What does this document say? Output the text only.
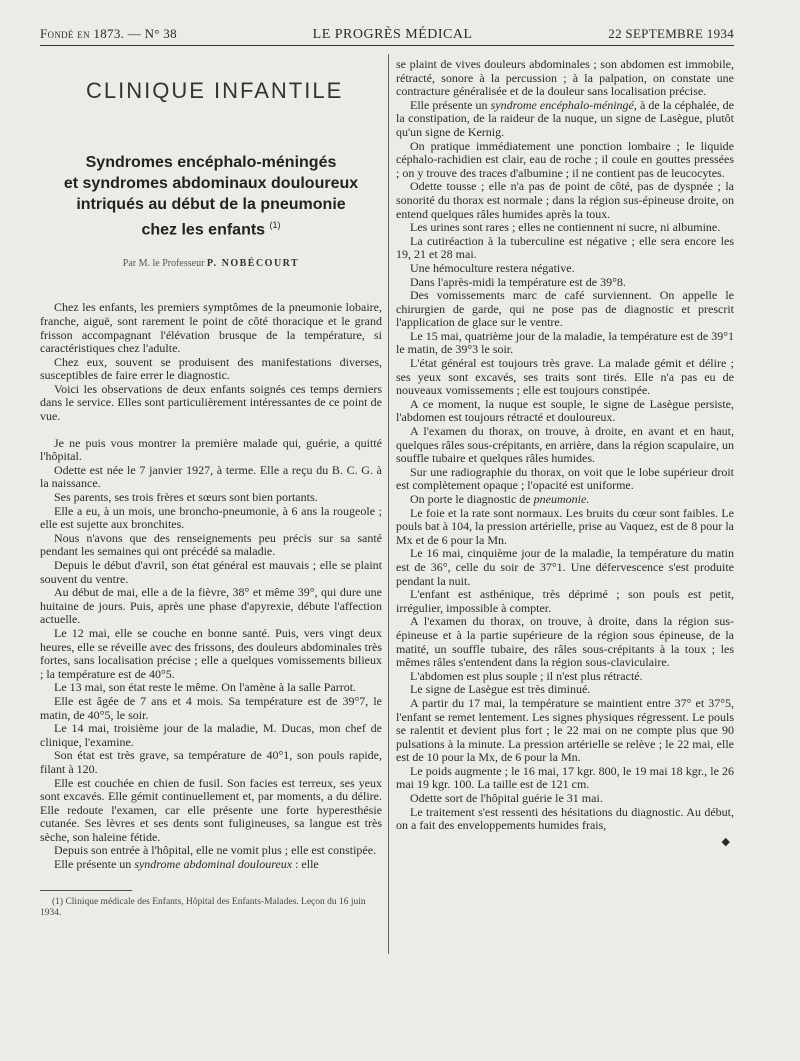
Fondé en 1873. — N° 38	LE PROGRÈS MÉDICAL	22 SEPTEMBRE 1934
CLINIQUE INFANTILE
Syndromes encéphalo-méningés
et syndromes abdominaux douloureux
intriqués au début de la pneumonie
chez les enfants $^{(1)}$
Par M. le Professeur P. NOBÉCOURT

Chez les enfants, les premiers symptômes de la pneumonie lobaire, franche, aiguë, sont rarement le point de côté thoracique et le grand frisson accompagnant l'élévation brusque de la température, si caractéristiques chez l'adulte.

Chez eux, souvent se produisent des manifestations diverses, susceptibles de faire errer le diagnostic.

Voici les observations de deux enfants soignés ces temps derniers dans le service. Elles sont particulièrement intéressantes de ce point de vue.

Je ne puis vous montrer la première malade qui, guérie, a quitté l'hôpital.

Odette est née le 7 janvier 1927, à terme. Elle a reçu du B. C. G. à la naissance.

Ses parents, ses trois frères et sœurs sont bien portants.

Elle a eu, à un mois, une broncho-pneumonie, à 6 ans la rougeole ; elle est sujette aux bronchites.

Nous n'avons que des renseignements peu précis sur sa santé pendant les semaines qui ont précédé sa maladie.

Depuis le début d'avril, son état général est mauvais ; elle se plaint souvent du ventre.

Au début de mai, elle a de la fièvre, 38° et même 39°, qui dure une huitaine de jours. Puis, après une phase d'apyrexie, débute l'affection actuelle.

Le 12 mai, elle se couche en bonne santé. Puis, vers vingt deux heures, elle se réveille avec des frissons, des douleurs abdominales très fortes, sans localisation précise ; elle a quelques vomissements bilieux ; la température est de 40°5.

Le 13 mai, son état reste le même. On l'amène à la salle Parrot.

Elle est âgée de 7 ans et 4 mois. Sa température est de 39°7, le matin, de 40°5, le soir.

Le 14 mai, troisième jour de la maladie, M. Ducas, mon chef de clinique, l'examine.

Son état est très grave, sa température de 40°1, son pouls rapide, filant à 120.

Elle est couchée en chien de fusil. Son facies est terreux, ses yeux sont excavés. Elle gémit continuellement et, par moments, a du délire. Elle redoute l'examen, car elle présente une forte hyperesthésie cutanée. Ses lèvres et ses dents sont fuligineuses, sa langue est très sèche, son haleine fétide.

Depuis son entrée à l'hôpital, elle ne vomit plus ; elle est constipée.

Elle présente un syndrome abdominal douloureux : elle

(1) Clinique médicale des Enfants, Hôpital des Enfants-Malades. Leçon du 16 juin 1934.

se plaint de vives douleurs abdominales ; son abdomen est immobile, rétracté, sonore à la percussion ; à la palpation, on constate une contracture généralisée et de la douleur sans localisation précise.

Elle présente un syndrome encéphalo-méningé, à de la céphalée, de la constipation, de la raideur de la nuque, un signe de Lasègue, plutôt qu'un signe de Kernig.

On pratique immédiatement une ponction lombaire ; le liquide céphalo-rachidien est clair, eau de roche ; il coule en gouttes pressées ; on y trouve des traces d'albumine ; il ne contient pas de leucocytes.

Odette tousse ; elle n'a pas de point de côté, pas de dyspnée ; la sonorité du thorax est normale ; dans la région sus-épineuse droite, on entend quelques râles humides après la toux.

Les urines sont rares ; elles ne contiennent ni sucre, ni albumine.

La cutiréaction à la tuberculine est négative ; elle sera encore les 19, 21 et 28 mai.

Une hémoculture restera négative.

Dans l'après-midi la température est de 39°8.

Des vomissements marc de café surviennent. On appelle le chirurgien de garde, qui ne pose pas de diagnostic et prescrit l'application de glace sur le ventre.

Le 15 mai, quatrième jour de la maladie, la température est de 39°1 le matin, de 39°3 le soir.

L'état général est toujours très grave. La malade gémit et délire ; ses yeux sont excavés, ses traits sont tirés. Elle n'a pas eu de nouveaux vomissements ; elle est toujours constipée.

A ce moment, la nuque est souple, le signe de Lasègue persiste, l'abdomen est toujours rétracté et douloureux.

A l'examen du thorax, on trouve, à droite, en avant et en haut, quelques râles sous-crépitants, en arrière, dans la région scapulaire, un souffle tubaire et quelques râles humides.

Sur une radiographie du thorax, on voit que le lobe supérieur droit est complètement opaque ; l'opacité est uniforme.

On porte le diagnostic de pneumonie.

Le foie et la rate sont normaux. Les bruits du cœur sont faibles. Le pouls bat à 104, la pression artérielle, prise au Vaquez, est de 8 pour la Mx et de 6 pour la Mn.

Le 16 mai, cinquième jour de la maladie, la température du matin est de 36°, celle du soir de 37°1. Une défervescence s'est produite pendant la nuit.

L'enfant est asthénique, très déprimé ; son pouls est petit, irrégulier, impossible à compter.

A l'examen du thorax, on trouve, à droite, dans la région sus-épineuse et à la partie supérieure de la région sous épineuse, de la matité, un souffle tubaire, des râles sous-crépitants à la toux ; les mêmes râles s'entendent dans la région sous-claviculaire.

L'abdomen est plus souple ; il n'est plus rétracté.

Le signe de Lasègue est très diminué.

A partir du 17 mai, la température se maintient entre 37° et 37°5, l'enfant se remet lentement. Les signes physiques régressent. Le pouls se ralentit et devient plus fort ; le 22 mai on ne compte plus que 90 pulsations à la minute. La pression artérielle se relève ; le 22 mai, elle est de 10 pour la Mx, de 6 pour la Mn.

Le poids augmente ; le 16 mai, 17 kgr. 800, le 19 mai 18 kgr., le 26 mai 19 kgr. 100. La taille est de 121 cm.

Odette sort de l'hôpital guérie le 31 mai.

Le traitement s'est ressenti des hésitations du diagnostic. Au début, on a fait des enveloppements humides frais,

◆
